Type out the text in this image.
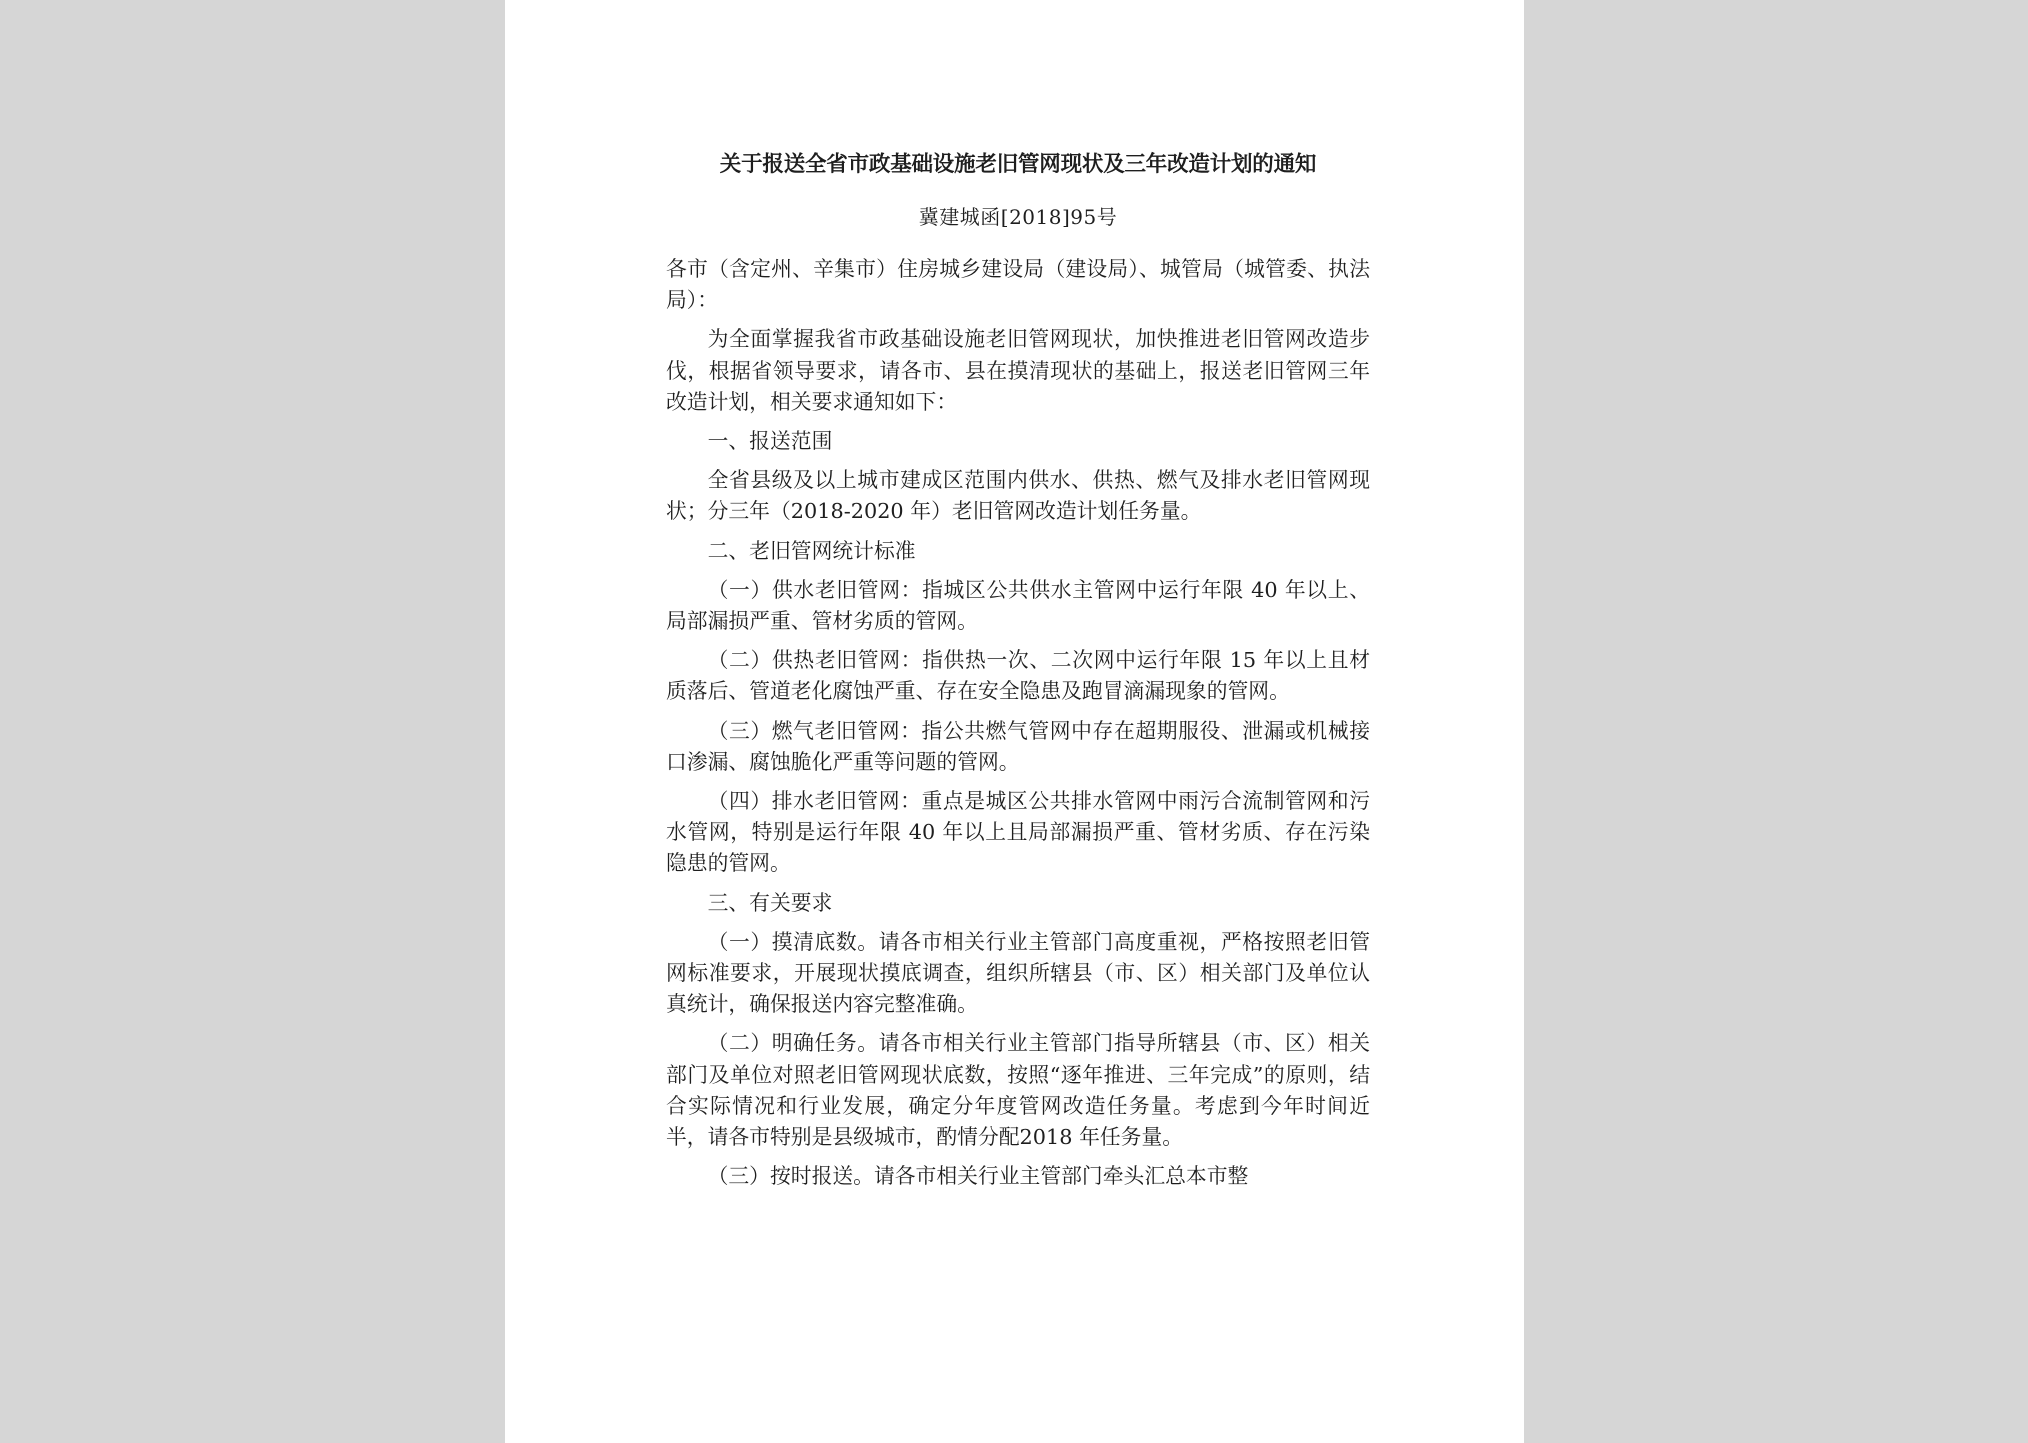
关于报送全省市政基础设施老旧管网现状及三年改造计划的通知
冀建城函[2018]95号

各市（含定州、辛集市）住房城乡建设局（建设局）、城管局（城管委、执法局）：

为全面掌握我省市政基础设施老旧管网现状，加快推进老旧管网改造步伐，根据省领导要求，请各市、县在摸清现状的基础上，报送老旧管网三年改造计划，相关要求通知如下：

一、报送范围

全省县级及以上城市建成区范围内供水、供热、燃气及排水老旧管网现状；分三年（2018-2020 年）老旧管网改造计划任务量。

二、老旧管网统计标准

（一）供水老旧管网：指城区公共供水主管网中运行年限 40 年以上、局部漏损严重、管材劣质的管网。

（二）供热老旧管网：指供热一次、二次网中运行年限 15 年以上且材质落后、管道老化腐蚀严重、存在安全隐患及跑冒滴漏现象的管网。

（三）燃气老旧管网：指公共燃气管网中存在超期服役、泄漏或机械接口渗漏、腐蚀脆化严重等问题的管网。

（四）排水老旧管网：重点是城区公共排水管网中雨污合流制管网和污水管网，特别是运行年限 40 年以上且局部漏损严重、管材劣质、存在污染隐患的管网。

三、有关要求

（一）摸清底数。请各市相关行业主管部门高度重视，严格按照老旧管网标准要求，开展现状摸底调查，组织所辖县（市、区）相关部门及单位认真统计，确保报送内容完整准确。

（二）明确任务。请各市相关行业主管部门指导所辖县（市、区）相关部门及单位对照老旧管网现状底数，按照“逐年推进、三年完成”的原则，结合实际情况和行业发展，确定分年度管网改造任务量。考虑到今年时间近半，请各市特别是县级城市，酌情分配2018 年任务量。

（三）按时报送。请各市相关行业主管部门牵头汇总本市整
